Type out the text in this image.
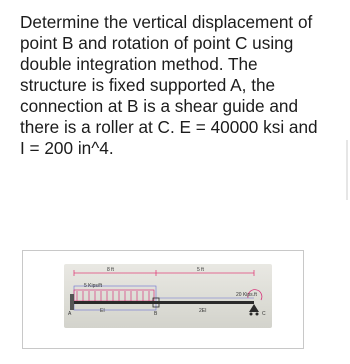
Determine the vertical displacement of point B and rotation of point C using double integration method. The structure is fixed supported A, the connection at B is a shear guide and there is a roller at C. E = 40000 ksi and I = 200 in^4.

8 ft	5 ft
5 Kips/ft
20 Kips.ft
EI	2EI
A	B	C
